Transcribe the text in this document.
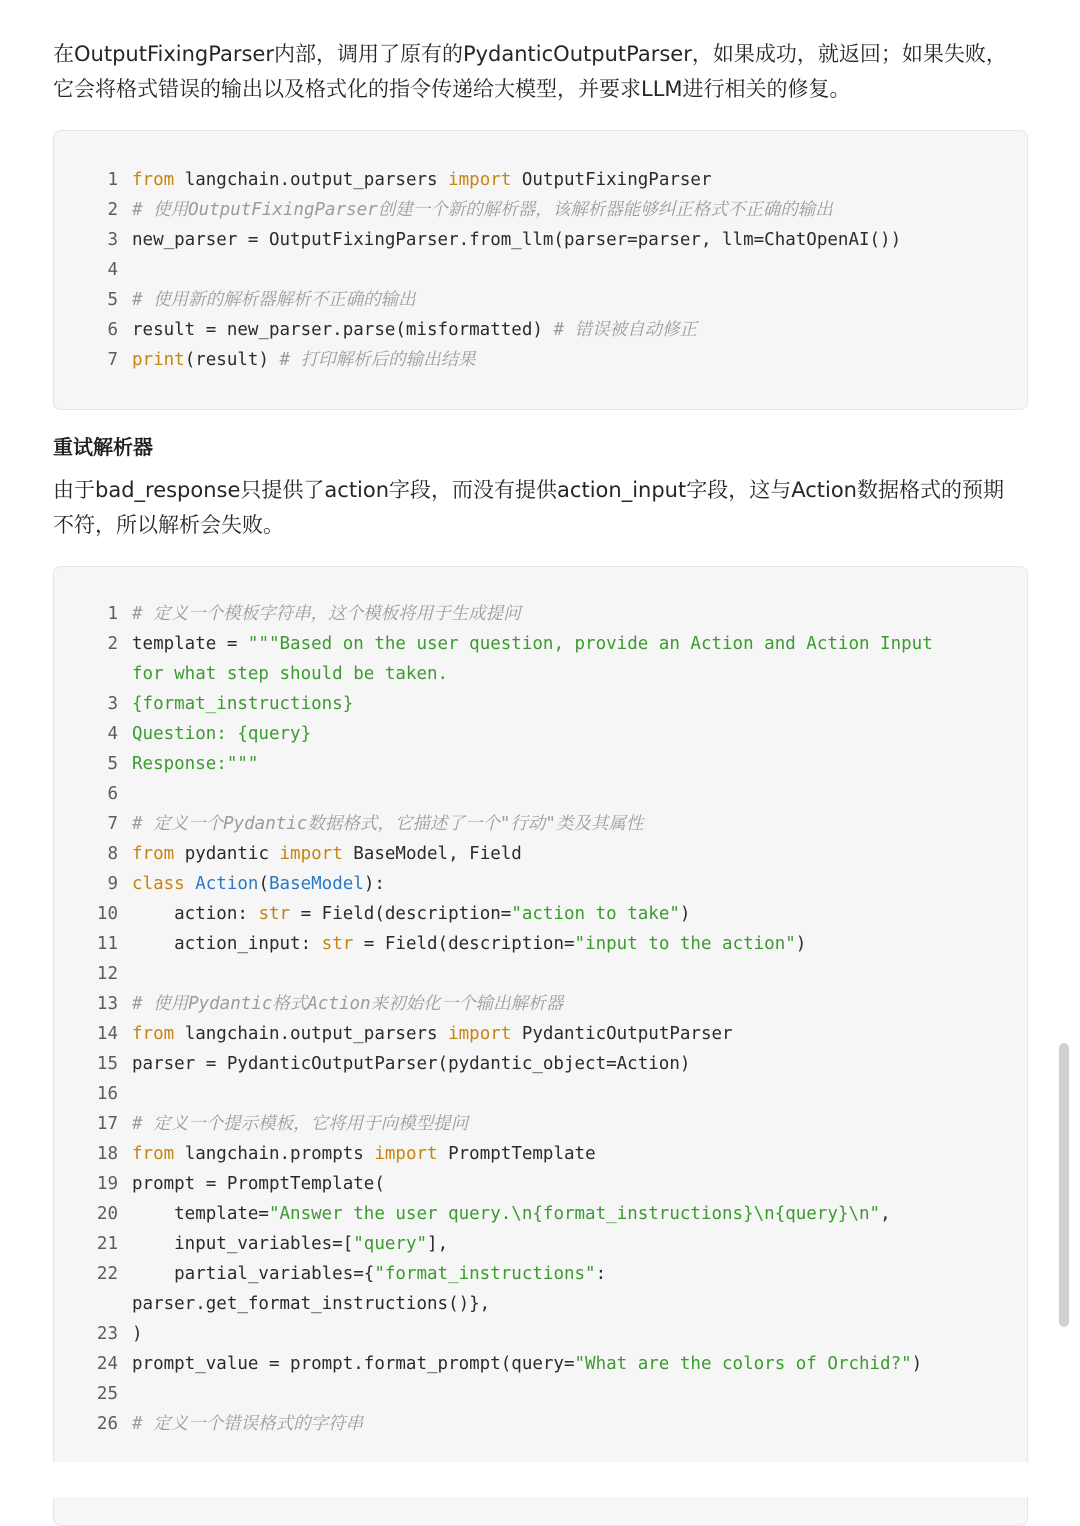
在OutputFixingParser内部，调用了原有的PydanticOutputParser，如果成功，就返回；如果失败，
它会将格式错误的输出以及格式化的指令传递给大模型，并要求LLM进行相关的修复。

1 from langchain.output_parsers import OutputFixingParser
2 # 使用OutputFixingParser创建一个新的解析器，该解析器能够纠正格式不正确的输出
3 new_parser = OutputFixingParser.from_llm(parser=parser, llm=ChatOpenAI())
4
5 # 使用新的解析器解析不正确的输出
6 result = new_parser.parse(misformatted) # 错误被自动修正
7 print(result) # 打印解析后的输出结果
重试解析器

由于bad_response只提供了action字段，而没有提供action_input字段，这与Action数据格式的预期
不符，所以解析会失败。

1 # 定义一个模板字符串，这个模板将用于生成提问
2 template = """Based on the user question, provide an Action and Action Input
for what step should be taken.
3 {format_instructions}
4 Question: {query}
5 Response:"""
6
7 # 定义一个Pydantic数据格式，它描述了一个"行动"类及其属性
8 from pydantic import BaseModel, Field
9 class Action(BaseModel):
10 action: str = Field(description="action to take")
11 action_input: str = Field(description="input to the action")
12
13 # 使用Pydantic格式Action来初始化一个输出解析器
14 from langchain.output_parsers import PydanticOutputParser
15 parser = PydanticOutputParser(pydantic_object=Action)
16
17 # 定义一个提示模板，它将用于向模型提问
18 from langchain.prompts import PromptTemplate
19 prompt = PromptTemplate(
20 template="Answer the user query.\n{format_instructions}\n{query}\n",
21 input_variables=["query"],
22 partial_variables={"format_instructions":
parser.get_format_instructions()},
23 )
24 prompt_value = prompt.format_prompt(query="What are the colors of Orchid?")
25
26 # 定义一个错误格式的字符串
